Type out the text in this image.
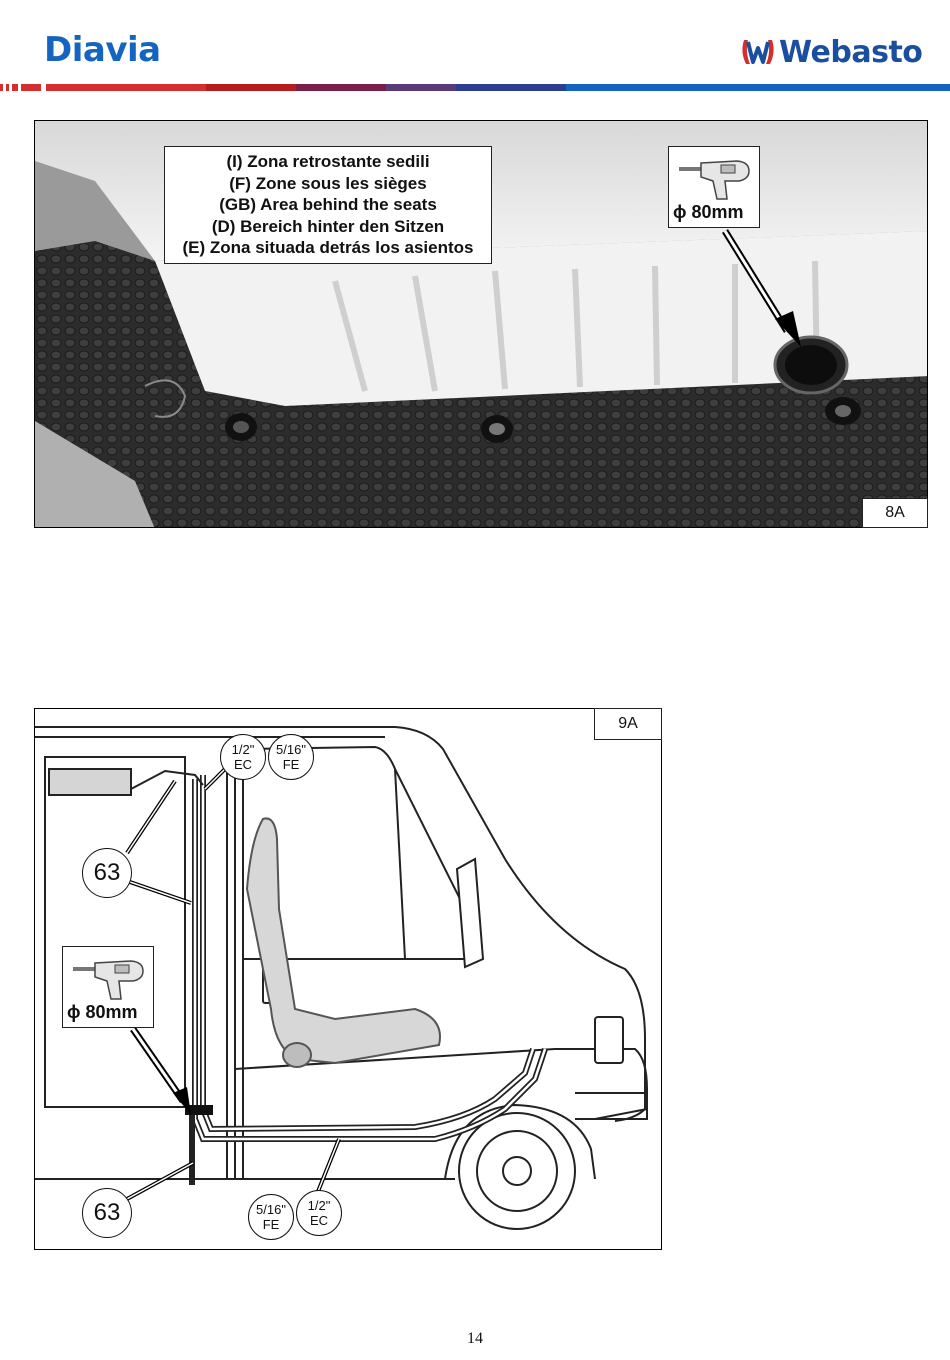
Diavia	Webasto
(I) Zona retrostante sedili
(F) Zone sous les sièges
(GB) Area behind the seats
(D) Bereich hinter den Sitzen
(E) Zona situada detrás los asientos
ϕ 80mm
8A
9A
63
63
1/2"
EC
5/16"
FE
5/16"
FE
1/2"
EC
ϕ 80mm
14
